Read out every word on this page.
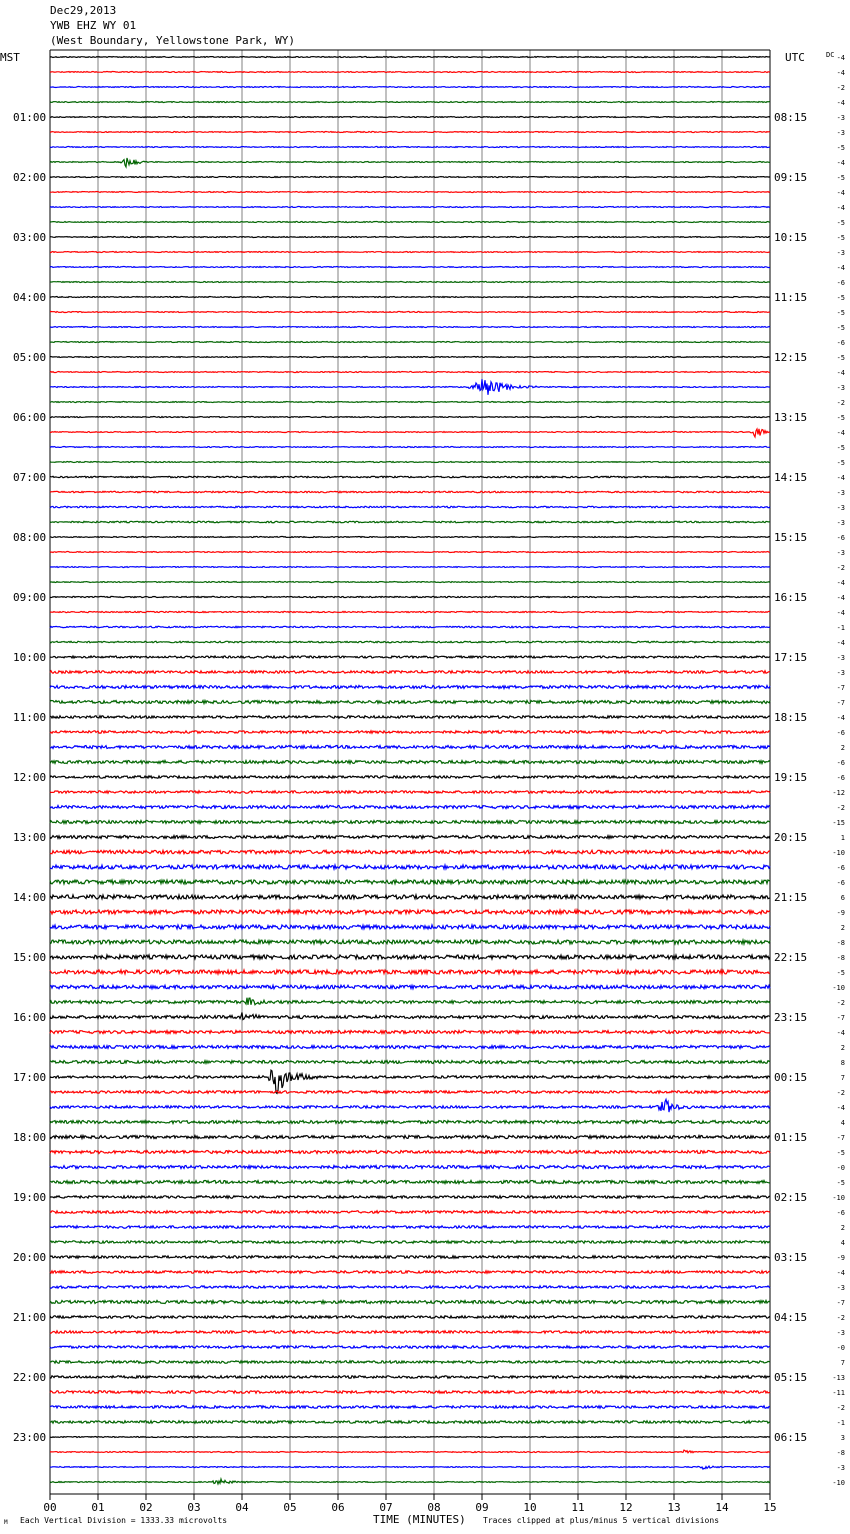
Dec29,2013
YWB EHZ WY 01
(West Boundary, Yellowstone Park, WY)
-4
-4
-2
-4
-3
-3
-5
-4
-5
-4
-4
-5
-5
-3
-4
-6
-5
-5
-5
-6
-5
-4
-3
-2
-5
-4
-5
-5
-4
-3
-3
-3
-6
-3
-2
-4
-4
-4
-1
-4
-3
-3
-7
-7
-4
-6
2
-6
-6
-12
-2
-15
1
-10
-6
-6
6
-9
2
-8
-8
-5
-10
-2
-7
-4
2
8
7
-2
-4
4
-7
-5
-0
-5
-10
-6
2
4
-9
-4
-3
-7
-2
-3
-0
7
-13
-11
-2
-1
3
-8
-3
-10
MST	UTC	DC
01:00
02:00
03:00
04:00
05:00
06:00
07:00
08:00
09:00
10:00
11:00
12:00
13:00
14:00
15:00
16:00
17:00
18:00
19:00
20:00
21:00
22:00
23:00
08:15
09:15
10:15
11:15
12:15
13:15
14:15
15:15
16:15
17:15
18:15
19:15
20:15
21:15
22:15
23:15
00:15
01:15
02:15
03:15
04:15
05:15
06:15
00	01	02	03	04	05	06	07	08	09	10	11	12	13	14	15
Each Vertical Division = 1333.33 microvolts
M	TIME (MINUTES) Traces clipped at plus/minus 5 vertical divisions
